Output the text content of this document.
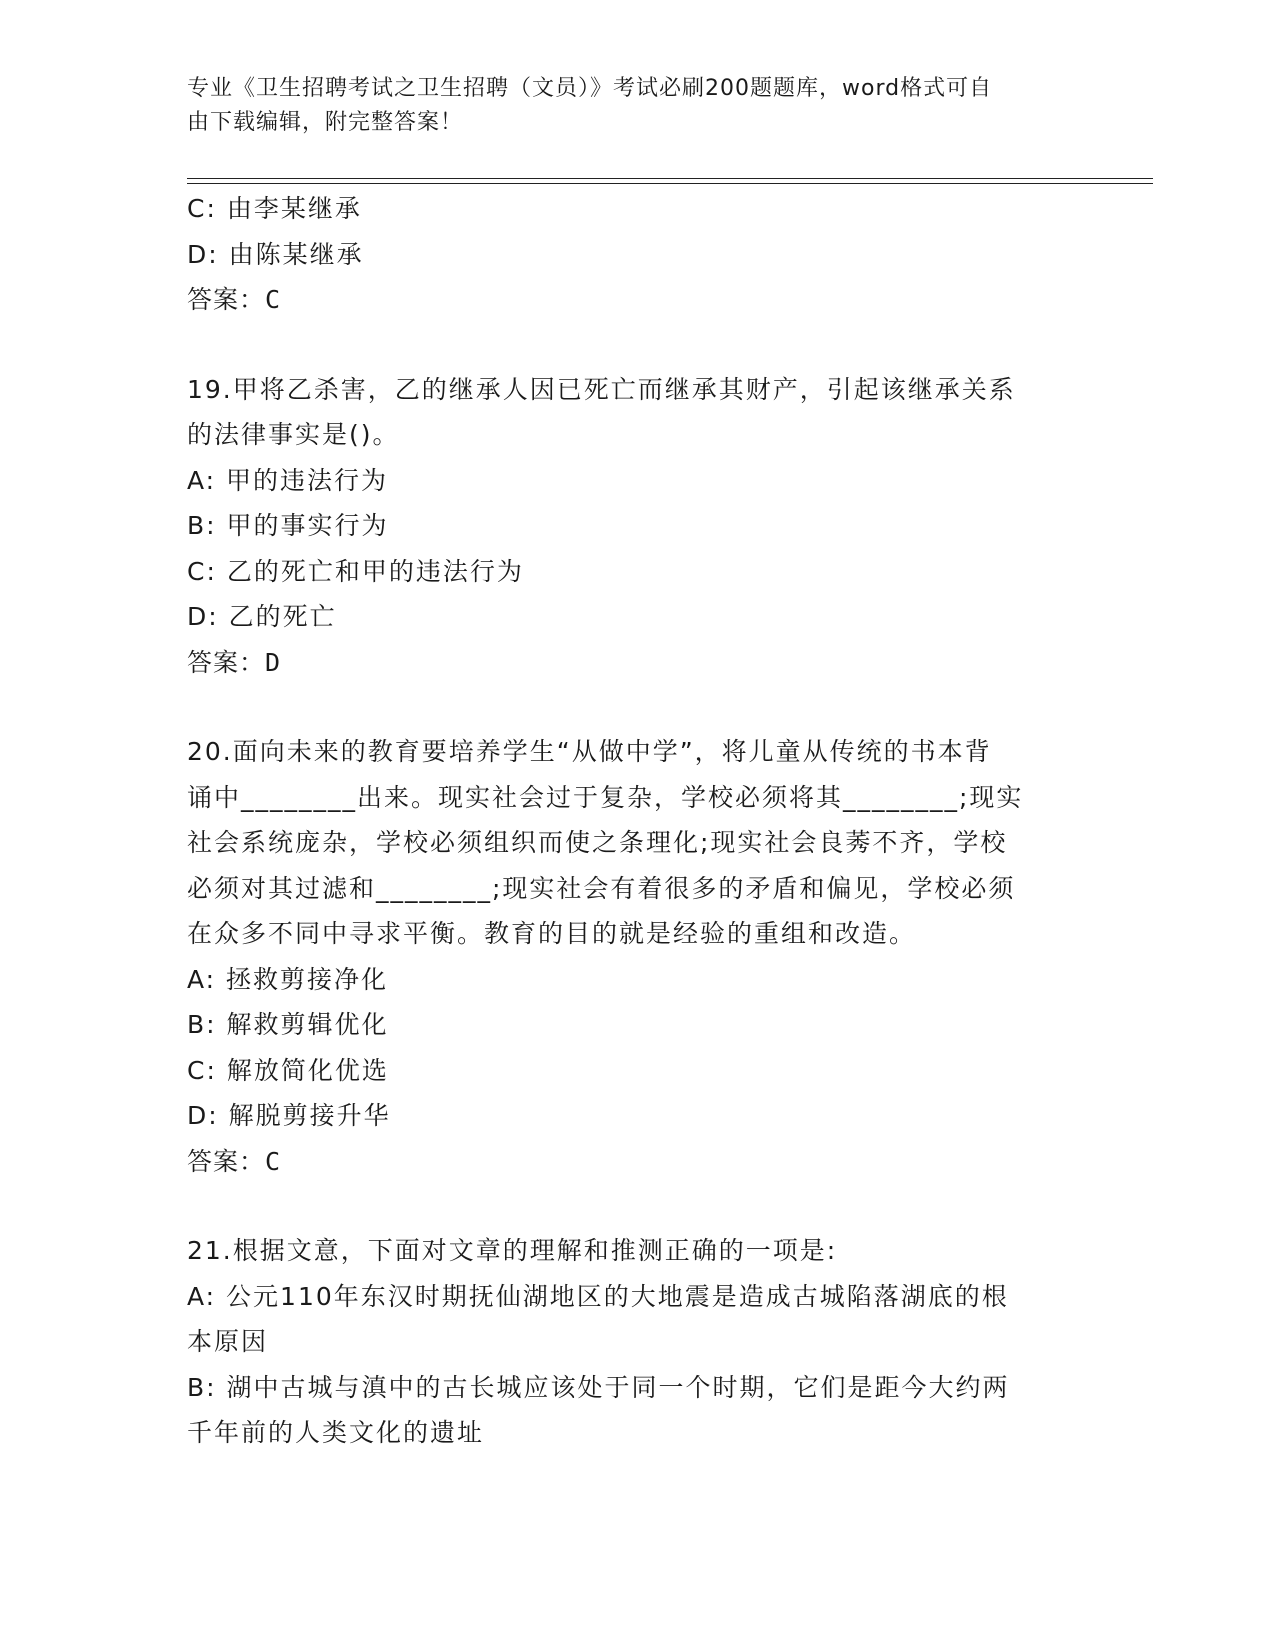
专业《卫生招聘考试之卫生招聘（文员）》考试必刷200题题库，word格式可自

由下载编辑，附完整答案！

C: 由李某继承

D: 由陈某继承

答案：C

19.甲将乙杀害，乙的继承人因已死亡而继承其财产，引起该继承关系

的法律事实是()。

A: 甲的违法行为

B: 甲的事实行为

C: 乙的死亡和甲的违法行为

D: 乙的死亡

答案：D

20.面向未来的教育要培养学生“从做中学”，将儿童从传统的书本背

诵中________出来。现实社会过于复杂，学校必须将其________;现实

社会系统庞杂，学校必须组织而使之条理化;现实社会良莠不齐，学校

必须对其过滤和________;现实社会有着很多的矛盾和偏见，学校必须

在众多不同中寻求平衡。教育的目的就是经验的重组和改造。

A: 拯救剪接净化

B: 解救剪辑优化

C: 解放简化优选

D: 解脱剪接升华

答案：C

21.根据文意，下面对文章的理解和推测正确的一项是:

A: 公元110年东汉时期抚仙湖地区的大地震是造成古城陷落湖底的根

本原因

B: 湖中古城与滇中的古长城应该处于同一个时期，它们是距今大约两

千年前的人类文化的遗址
